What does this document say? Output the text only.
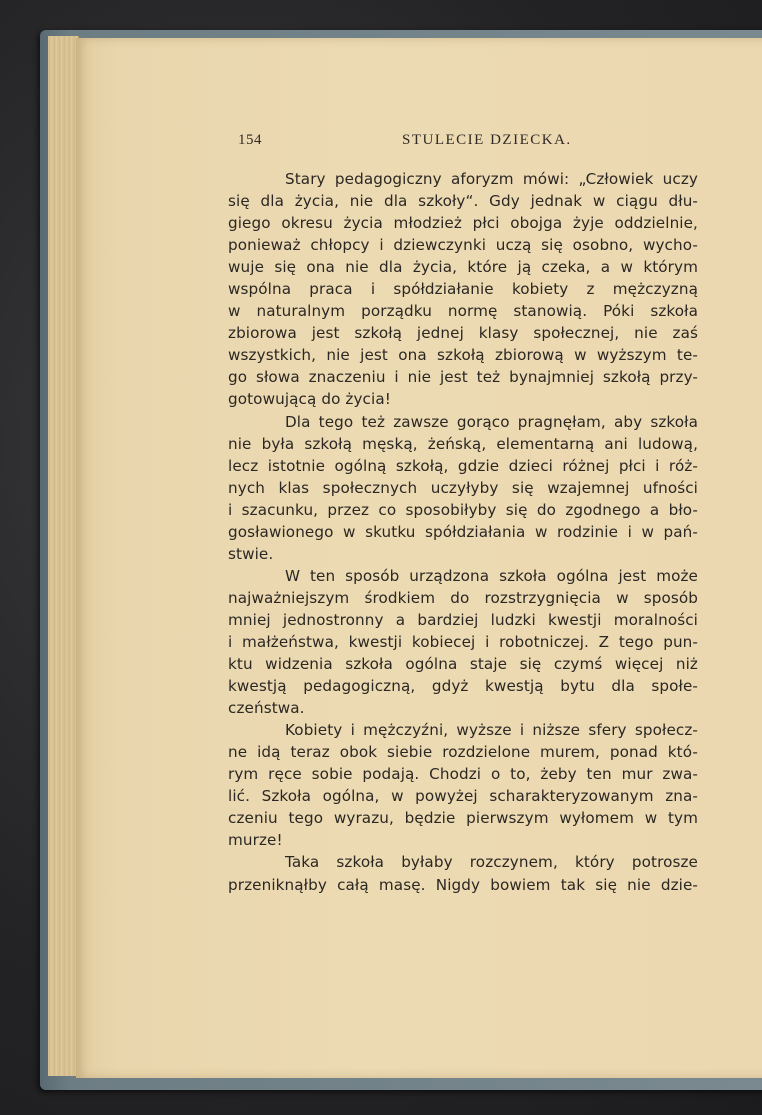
154	STULECIE DZIECKA.
Stary pedagogiczny aforyzm mówi: „Człowiek uczy
się dla życia, nie dla szkoły“. Gdy jednak w ciągu dłu-
giego okresu życia młodzież płci obojga żyje oddzielnie,
ponieważ chłopcy i dziewczynki uczą się osobno, wycho-
wuje się ona nie dla życia, które ją czeka, a w którym
wspólna praca i spółdziałanie kobiety z mężczyzną
w naturalnym porządku normę stanowią. Póki szkoła
zbiorowa jest szkołą jednej klasy społecznej, nie zaś
wszystkich, nie jest ona szkołą zbiorową w wyższym te-
go słowa znaczeniu i nie jest też bynajmniej szkołą przy-
gotowującą do życia!
Dla tego też zawsze gorąco pragnęłam, aby szkoła
nie była szkołą męską, żeńską, elementarną ani ludową,
lecz istotnie ogólną szkołą, gdzie dzieci różnej płci i róż-
nych klas społecznych uczyłyby się wzajemnej ufności
i szacunku, przez co sposobiłyby się do zgodnego a bło-
gosławionego w skutku spółdziałania w rodzinie i w pań-
stwie.
W ten sposób urządzona szkoła ogólna jest może
najważniejszym środkiem do rozstrzygnięcia w sposób
mniej jednostronny a bardziej ludzki kwestji moralności
i małżeństwa, kwestji kobiecej i robotniczej. Z tego pun-
ktu widzenia szkoła ogólna staje się czymś więcej niż
kwestją pedagogiczną, gdyż kwestją bytu dla społe-
czeństwa.
Kobiety i mężczyźni, wyższe i niższe sfery społecz-
ne idą teraz obok siebie rozdzielone murem, ponad któ-
rym ręce sobie podają. Chodzi o to, żeby ten mur zwa-
lić. Szkoła ogólna, w powyżej scharakteryzowanym zna-
czeniu tego wyrazu, będzie pierwszym wyłomem w tym
murze!
Taka szkoła byłaby rozczynem, który potrosze
przeniknąłby całą masę. Nigdy bowiem tak się nie dzie-
